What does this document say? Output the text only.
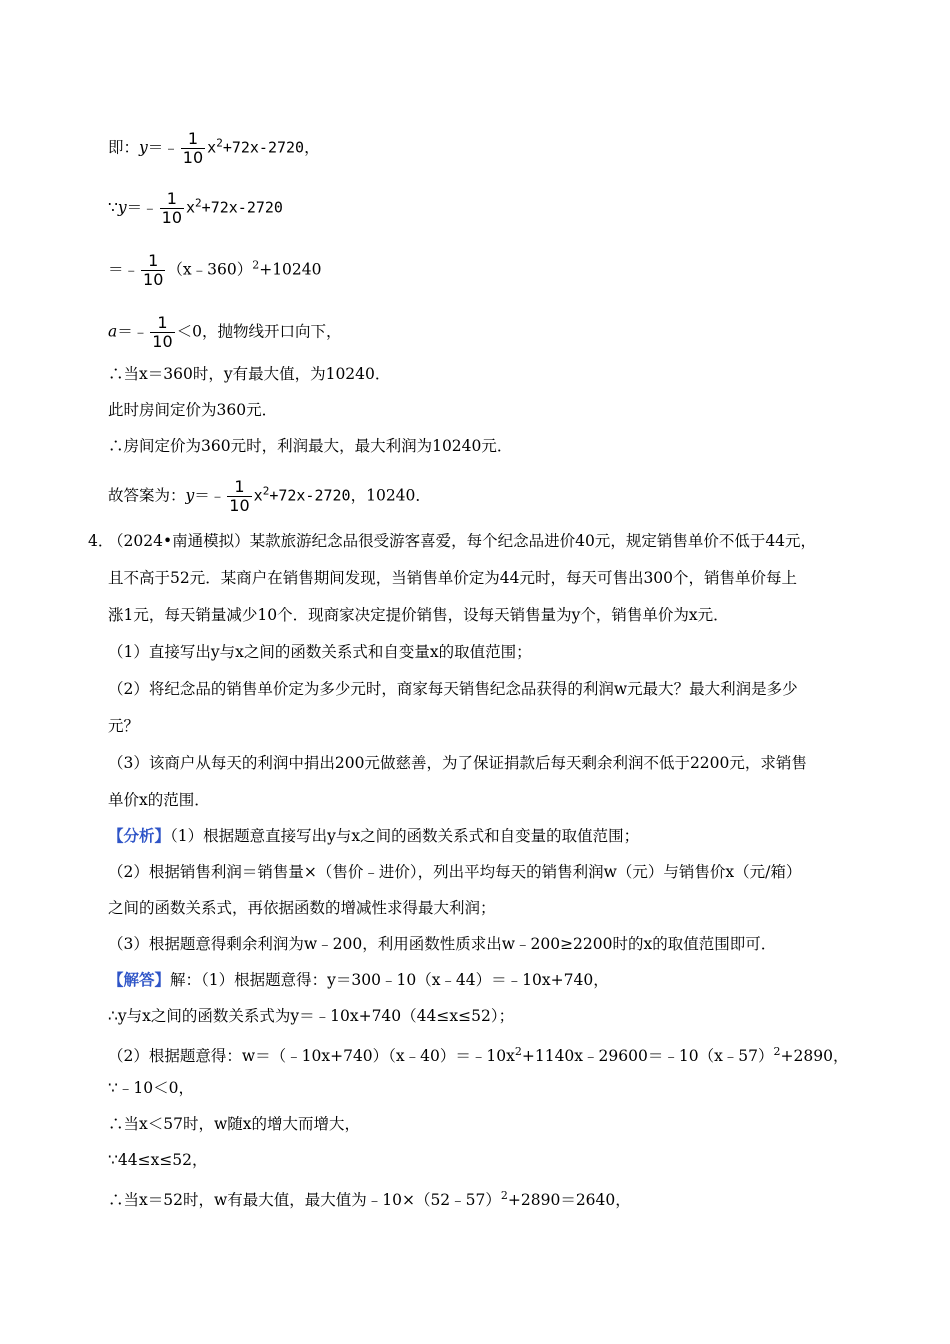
即：y＝﹣ $\frac{1}{10} x^2+72x-2720$，
∵y＝﹣ $\frac{1}{10} x^2+72x-2720$
＝﹣ $\frac{1}{10}$ （x﹣360）$^2$+10240
a＝﹣ $\frac{1}{10} <0$，抛物线开口向下，
∴当x＝360时，y有最大值，为10240．
此时房间定价为360元．
∴房间定价为360元时，利润最大，最大利润为10240元．
故答案为：y＝﹣ $\frac{1}{10} x^2+72x-2720$，10240．
4．
（2024•南通模拟）某款旅游纪念品很受游客喜爱，每个纪念品进价40元，规定销售单价不低于44元，
且不高于52元．某商户在销售期间发现，当销售单价定为44元时，每天可售出300个，销售单价每上
涨1元，每天销量减少10个．现商家决定提价销售，设每天销售量为y个，销售单价为x元．
（1）直接写出y与x之间的函数关系式和自变量x的取值范围；
（2）将纪念品的销售单价定为多少元时，商家每天销售纪念品获得的利润w元最大？最大利润是多少
元？
（3）该商户从每天的利润中捐出200元做慈善，为了保证捐款后每天剩余利润不低于2200元，求销售
单价x的范围．
【分析】（1）根据题意直接写出y与x之间的函数关系式和自变量的取值范围；
（2）根据销售利润＝销售量×（售价﹣进价），列出平均每天的销售利润w（元）与销售价x（元/箱）
之间的函数关系式，再依据函数的增减性求得最大利润；
（3）根据题意得剩余利润为w﹣200，利用函数性质求出w﹣200≥2200时的x的取值范围即可．
【解答】解：（1）根据题意得：y＝300﹣10（x﹣44）＝﹣10x+740，
∴y与x之间的函数关系式为y＝﹣10x+740（44≤x≤52）；
（2）根据题意得：$w=(﹣10x+740)(x﹣40)=﹣10x^2+1140x﹣29600=﹣10(x﹣57)^2+2890$，
∵﹣10＜0，
∴当x＜57时，w随x的增大而增大，
∵44≤x≤52，
∴当x＝52时，w有最大值，最大值为﹣10×（52﹣57）$^2$+2890＝2640，
